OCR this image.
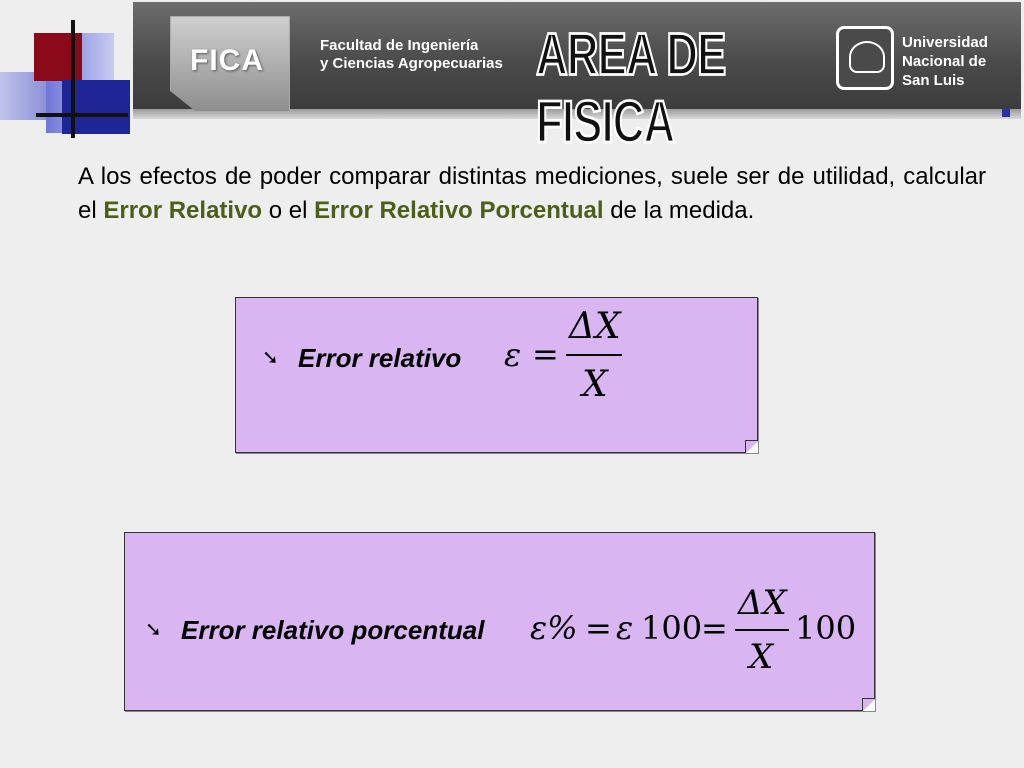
FICA	Facultad de Ingeniería
y Ciencias Agropecuarias AREA DE FISICA
Universidad
Nacional de
San Luis
A los efectos de poder comparar distintas mediciones, suele ser de utilidad, calcular el Error Relativo o el Error Relativo Porcentual de la medida.
➘ Error relativo ε =
ΔX
X
➘ Error relativo porcentual ε% = ε 100
=
ΔX
X
100
